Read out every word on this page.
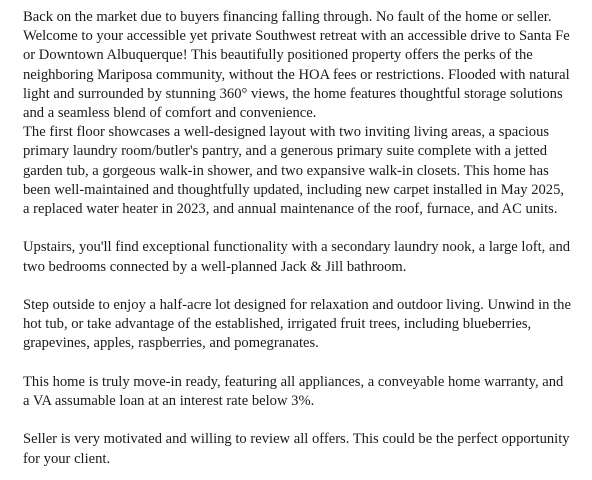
Back on the market due to buyers financing falling through. No fault of the home or seller. Welcome to your accessible yet private Southwest retreat with an accessible drive to Santa Fe or Downtown Albuquerque! This beautifully positioned property offers the perks of the neighboring Mariposa community, without the HOA fees or restrictions. Flooded with natural light and surrounded by stunning 360° views, the home features thoughtful storage solutions and a seamless blend of comfort and convenience.

The first floor showcases a well-designed layout with two inviting living areas, a spacious primary laundry room/butler's pantry, and a generous primary suite complete with a jetted garden tub, a gorgeous walk-in shower, and two expansive walk-in closets. This home has been well-maintained and thoughtfully updated, including new carpet installed in May 2025, a replaced water heater in 2023, and annual maintenance of the roof, furnace, and AC units.

Upstairs, you'll find exceptional functionality with a secondary laundry nook, a large loft, and two bedrooms connected by a well-planned Jack & Jill bathroom.

Step outside to enjoy a half-acre lot designed for relaxation and outdoor living. Unwind in the hot tub, or take advantage of the established, irrigated fruit trees, including blueberries, grapevines, apples, raspberries, and pomegranates.

This home is truly move-in ready, featuring all appliances, a conveyable home warranty, and a VA assumable loan at an interest rate below 3%.

Seller is very motivated and willing to review all offers. This could be the perfect opportunity for your client.
